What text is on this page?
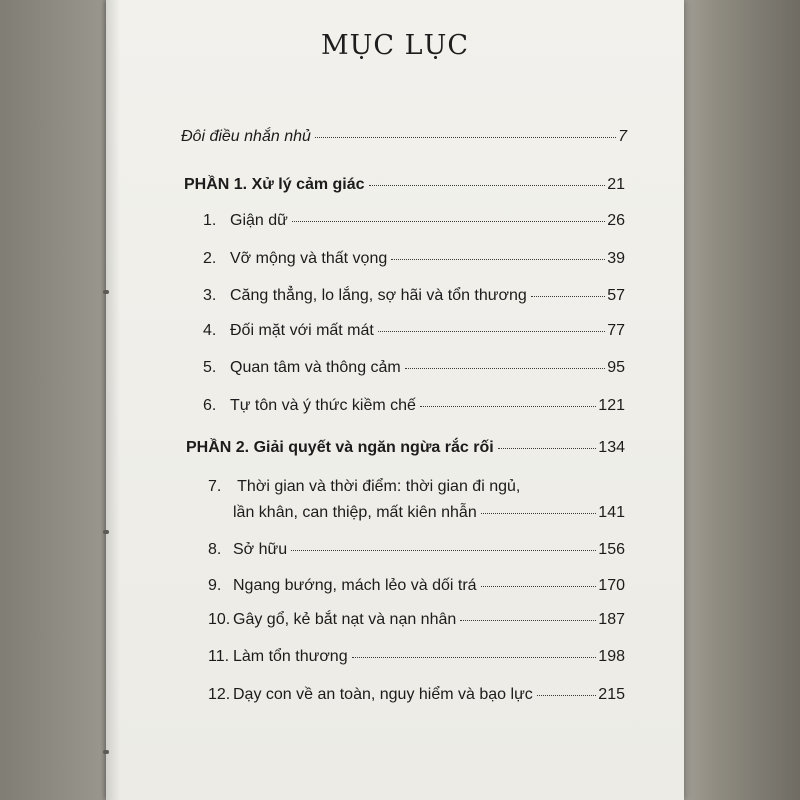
MỤC LỤC
Đôi điều nhắn nhủ	7
PHẦN 1. Xử lý cảm giác	21
1. Giận dữ	26
2. Vỡ mộng và thất vọng	39
3. Căng thẳng, lo lắng, sợ hãi và tổn thương	57
4. Đối mặt với mất mát	77
5. Quan tâm và thông cảm	95
6. Tự tôn và ý thức kiềm chế	121
PHẦN 2. Giải quyết và ngăn ngừa rắc rối	134
7. Thời gian và thời điểm: thời gian đi ngủ,
lần khân, can thiệp, mất kiên nhẫn	141
8. Sở hữu	156
9. Ngang bướng, mách lẻo và dối trá	170
10. Gây gổ, kẻ bắt nạt và nạn nhân	187
11. Làm tổn thương	198
12. Dạy con về an toàn, nguy hiểm và bạo lực	215
